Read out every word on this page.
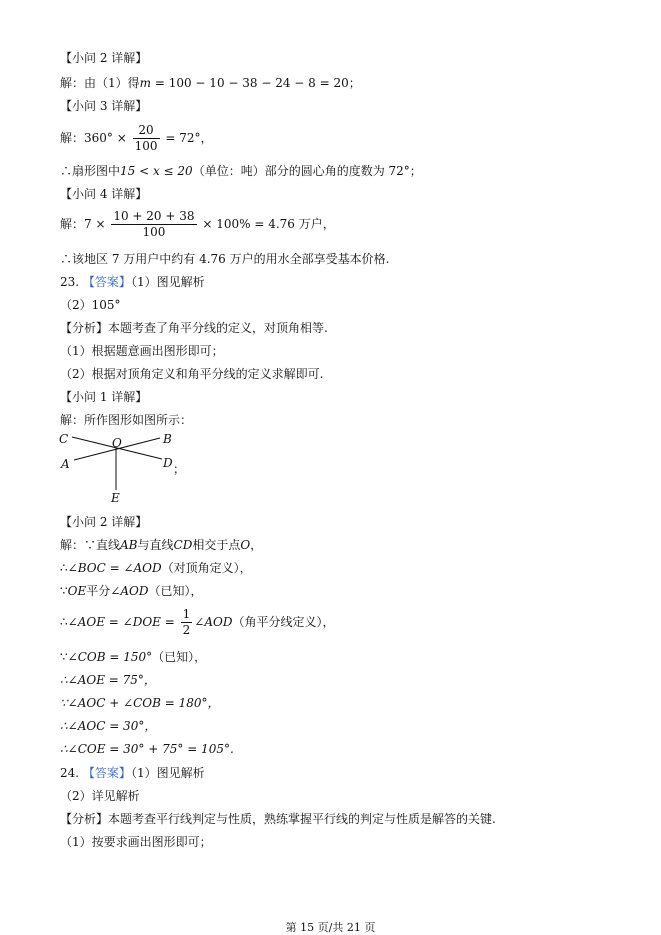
【小问 2 详解】
解：由（1）得m = 100 − 10 − 38 − 24 − 8 = 20；
【小问 3 详解】
解：$360^\circ \times \frac{20}{100} = 72^\circ$，
∴扇形图中15 < x ≤ 20（单位：吨）部分的圆心角的度数为 72°；
【小问 4 详解】
解：$7 \times \frac{10 + 20 + 38}{100} \times 100\% = 4.76$ 万户，
∴该地区 7 万用户中约有 4.76 万户的用水全部享受基本价格.
23. 【答案】（1）图见解析
（2）105°
【分析】本题考查了角平分线的定义，对顶角相等.
（1）根据题意画出图形即可；
（2）根据对顶角定义和角平分线的定义求解即可.
【小问 1 详解】
解：所作图形如图所示：
C	O	B
A	D ；
E
【小问 2 详解】
解：∵直线AB与直线CD相交于点O，
∴∠BOC = ∠AOD（对顶角定义），
∵OE平分∠AOD（已知），
∴∠AOE = ∠DOE = $\frac{1}{2}$ ∠AOD（角平分线定义），
∵∠COB = 150°（已知），
∴∠AOE = 75°，
∵∠AOC + ∠COB = 180°，
∴∠AOC = 30°，
∴∠COE = 30° + 75° = 105°.
24. 【答案】（1）图见解析
（2）详见解析
【分析】本题考查平行线判定与性质，熟练掌握平行线的判定与性质是解答的关键.
（1）按要求画出图形即可；
第 15 页/共 21 页
